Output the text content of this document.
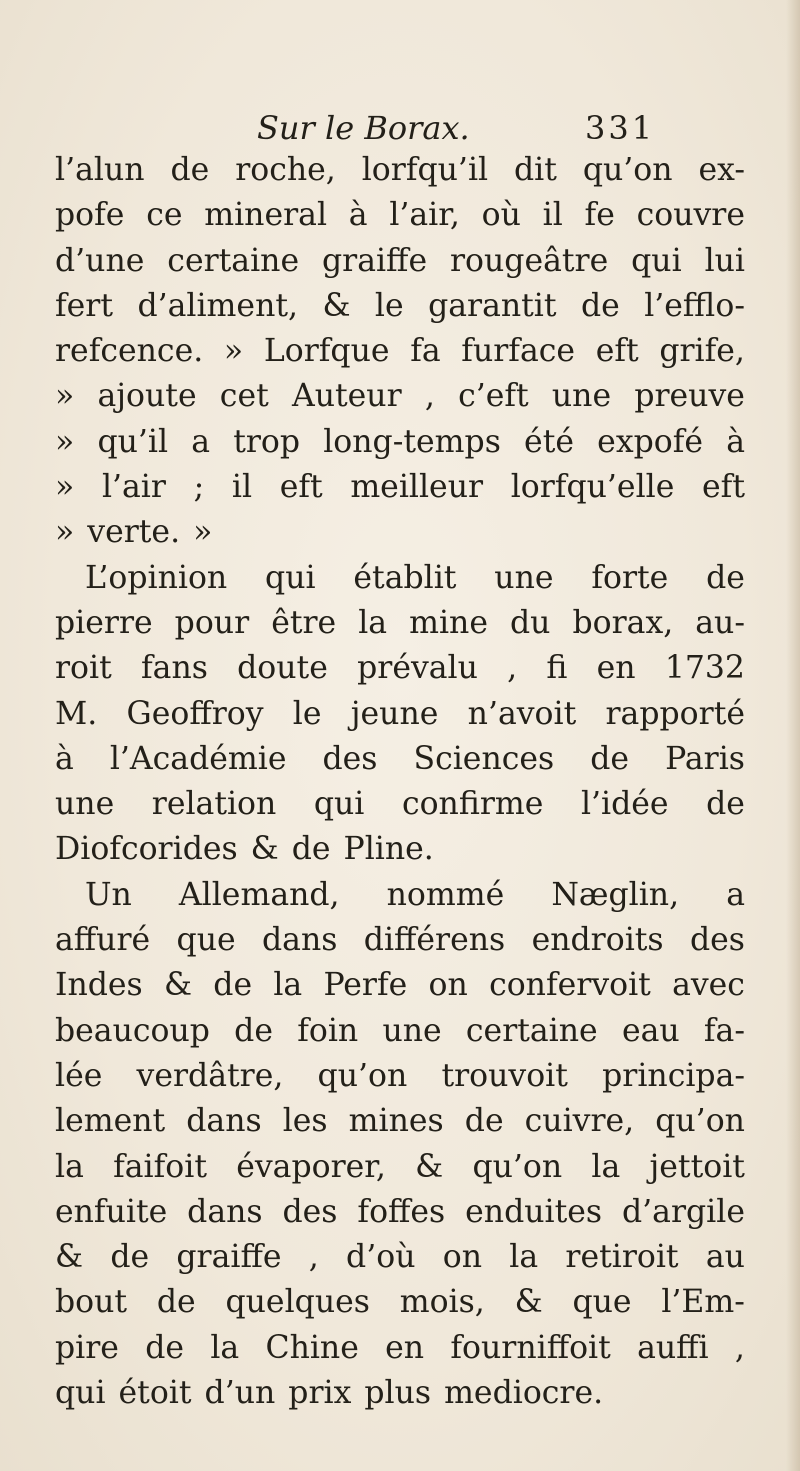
Sur le Borax.	331
l’alun de roche, lorfqu’il dit qu’on ex-
pofe ce mineral à l’air, où il fe couvre
d’une certaine graiffe rougeâtre qui lui
fert d’aliment, & le garantit de l’efflo-
refcence. » Lorfque fa furface eft grife,
» ajoute cet Auteur , c’eft une preuve
» qu’il a trop long-temps été expofé à
» l’air ; il eft meilleur lorfqu’elle eft
» verte. »
L’opinion qui établit une forte de
pierre pour être la mine du borax, au-
roit fans doute prévalu , fi en 1732
M. Geoffroy le jeune n’avoit rapporté
à l’Académie des Sciences de Paris
une relation qui confirme l’idée de
Diofcorides & de Pline.
Un Allemand, nommé Næglin, a
affuré que dans différens endroits des
Indes & de la Perfe on confervoit avec
beaucoup de foin une certaine eau fa-
lée verdâtre, qu’on trouvoit principa-
lement dans les mines de cuivre, qu’on
la faifoit évaporer, & qu’on la jettoit
enfuite dans des foffes enduites d’argile
& de graiffe , d’où on la retiroit au
bout de quelques mois, & que l’Em-
pire de la Chine en fourniffoit auffi ,
qui étoit d’un prix plus mediocre.
